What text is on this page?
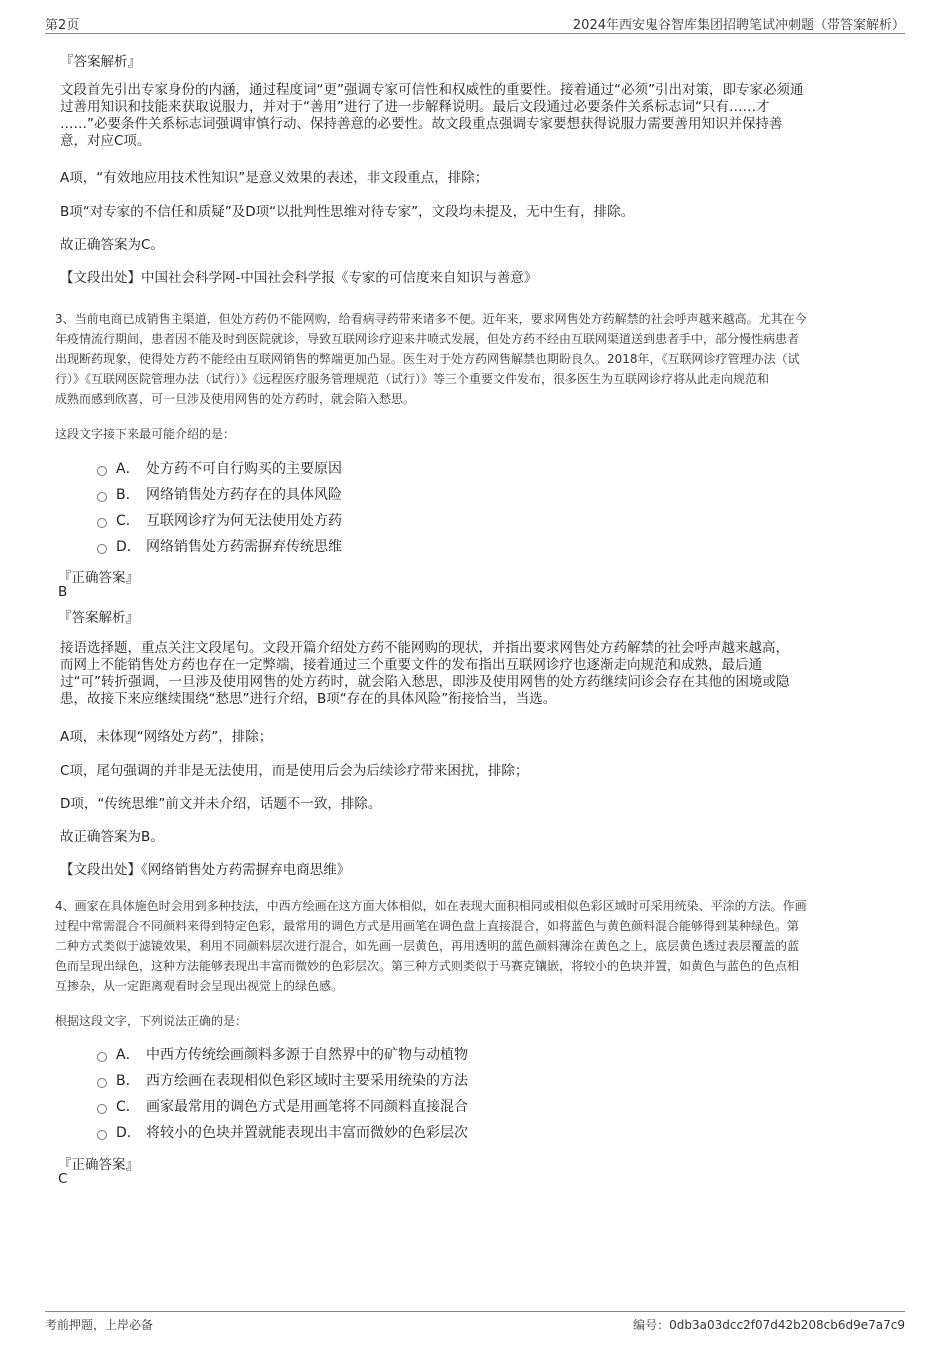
第2页	2024年西安鬼谷智库集团招聘笔试冲刺题（带答案解析）
『答案解析』
文段首先引出专家身份的内涵，通过程度词“更”强调专家可信性和权威性的重要性。接着通过“必须”引出对策，即专家必须通
过善用知识和技能来获取说服力，并对于“善用”进行了进一步解释说明。最后文段通过必要条件关系标志词“只有……才
……”必要条件关系标志词强调审慎行动、保持善意的必要性。故文段重点强调专家要想获得说服力需要善用知识并保持善
意，对应C项。
A项，“有效地应用技术性知识”是意义效果的表述，非文段重点，排除；
B项“对专家的不信任和质疑”及D项“以批判性思维对待专家”，文段均未提及，无中生有，排除。
故正确答案为C。
【文段出处】中国社会科学网-中国社会科学报《专家的可信度来自知识与善意》
3、当前电商已成销售主渠道，但处方药仍不能网购，给看病寻药带来诸多不便。近年来，要求网售处方药解禁的社会呼声越来越高。尤其在今
年疫情流行期间，患者因不能及时到医院就诊，导致互联网诊疗迎来井喷式发展，但处方药不经由互联网渠道送到患者手中，部分慢性病患者
出现断药现象，使得处方药不能经由互联网销售的弊端更加凸显。医生对于处方药网售解禁也期盼良久。2018年，《互联网诊疗管理办法（试
行）》《互联网医院管理办法（试行）》《远程医疗服务管理规范（试行）》等三个重要文件发布，很多医生为互联网诊疗将从此走向规范和
成熟而感到欣喜，可一旦涉及使用网售的处方药时，就会陷入愁思。
这段文字接下来最可能介绍的是：
A． 处方药不可自行购买的主要原因
B． 网络销售处方药存在的具体风险
C． 互联网诊疗为何无法使用处方药
D． 网络销售处方药需摒弃传统思维
『正确答案』
B
『答案解析』
接语选择题，重点关注文段尾句。文段开篇介绍处方药不能网购的现状，并指出要求网售处方药解禁的社会呼声越来越高，
而网上不能销售处方药也存在一定弊端，接着通过三个重要文件的发布指出互联网诊疗也逐渐走向规范和成熟，最后通
过“可”转折强调，一旦涉及使用网售的处方药时，就会陷入愁思，即涉及使用网售的处方药继续问诊会存在其他的困境或隐
患，故接下来应继续围绕“愁思”进行介绍，B项“存在的具体风险”衔接恰当，当选。
A项，未体现“网络处方药”，排除；
C项，尾句强调的并非是无法使用，而是使用后会为后续诊疗带来困扰，排除；
D项，“传统思维”前文并未介绍，话题不一致，排除。
故正确答案为B。
【文段出处】《网络销售处方药需摒弃电商思维》
4、画家在具体施色时会用到多种技法，中西方绘画在这方面大体相似，如在表现大面积相同或相似色彩区域时可采用统染、平涂的方法。作画
过程中常需混合不同颜料来得到特定色彩，最常用的调色方式是用画笔在调色盘上直接混合，如将蓝色与黄色颜料混合能够得到某种绿色。第
二种方式类似于滤镜效果，利用不同颜料层次进行混合，如先画一层黄色，再用透明的蓝色颜料薄涂在黄色之上，底层黄色透过表层覆盖的蓝
色而呈现出绿色，这种方法能够表现出丰富而微妙的色彩层次。第三种方式则类似于马赛克镶嵌，将较小的色块并置，如黄色与蓝色的色点相
互掺杂，从一定距离观看时会呈现出视觉上的绿色感。
根据这段文字，下列说法正确的是：
A． 中西方传统绘画颜料多源于自然界中的矿物与动植物
B． 西方绘画在表现相似色彩区域时主要采用统染的方法
C． 画家最常用的调色方式是用画笔将不同颜料直接混合
D． 将较小的色块并置就能表现出丰富而微妙的色彩层次
『正确答案』
C
考前押题，上岸必备	编号：0db3a03dcc2f07d42b208cb6d9e7a7c9
